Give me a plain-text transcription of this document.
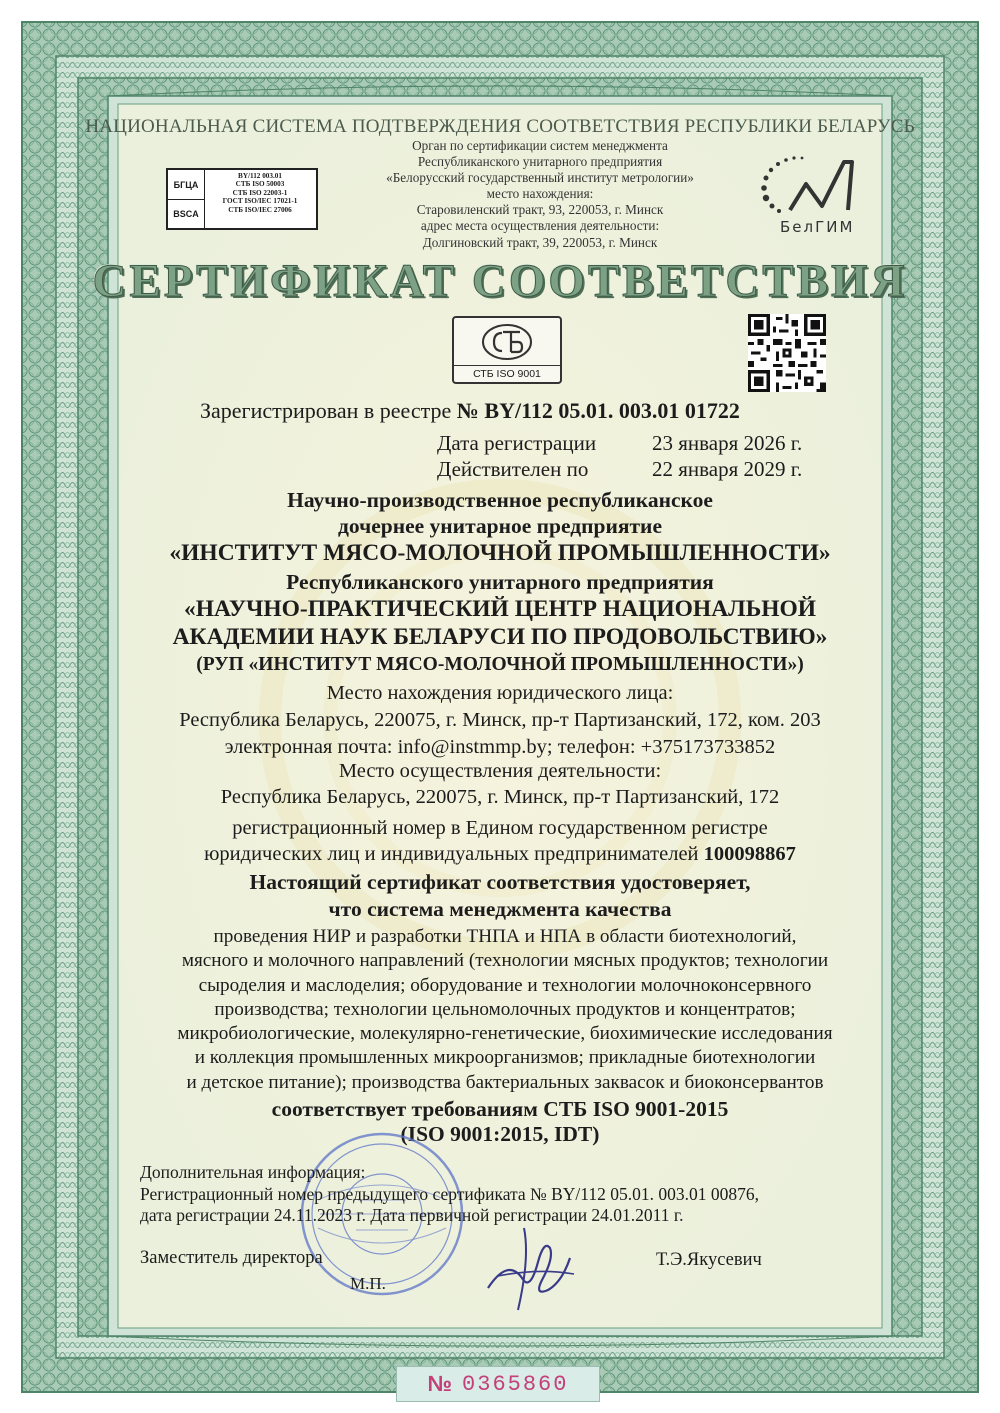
НАЦИОНАЛЬНАЯ СИСТЕМА ПОДТВЕРЖДЕНИЯ СООТВЕТСТВИЯ РЕСПУБЛИКИ БЕЛАРУСЬ
БГЦА
BSCA
BY/112 003.01
СТБ ISO 50003
СТБ ISO 22003-1
ГОСТ ISO/IEC 17021-1
СТБ ISO/IEC 27006
Орган по сертификации систем менеджмента
Республиканского унитарного предприятия
«Белорусский государственный институт метрологии»
место нахождения:
Старовиленский тракт, 93, 220053, г. Минск
адрес места осуществления деятельности:
Долгиновский тракт, 39, 220053, г. Минск
БелГИМ
СЕРТИФИКАТ СООТВЕТСТВИЯ
СТБ ISO 9001
Зарегистрирован в реестре № BY/112 05.01. 003.01 01722
Дата регистрации	23 января 2026 г.
Действителен по	22 января 2029 г.
Научно-производственное республиканское
дочернее унитарное предприятие
«ИНСТИТУТ МЯСО-МОЛОЧНОЙ ПРОМЫШЛЕННОСТИ»
Республиканского унитарного предприятия
«НАУЧНО-ПРАКТИЧЕСКИЙ ЦЕНТР НАЦИОНАЛЬНОЙ
АКАДЕМИИ НАУК БЕЛАРУСИ ПО ПРОДОВОЛЬСТВИЮ»
(РУП «ИНСТИТУТ МЯСО-МОЛОЧНОЙ ПРОМЫШЛЕННОСТИ»)
Место нахождения юридического лица:
Республика Беларусь, 220075, г. Минск, пр-т Партизанский, 172, ком. 203
электронная почта: info@instmmp.by; телефон: +375173733852
Место осуществления деятельности:
Республика Беларусь, 220075, г. Минск, пр-т Партизанский, 172
регистрационный номер в Едином государственном регистре
юридических лиц и индивидуальных предпринимателей 100098867
Настоящий сертификат соответствия удостоверяет,
что система менеджмента качества
проведения НИР и разработки ТНПА и НПА в области биотехнологий,
мясного и молочного направлений (технологии мясных продуктов; технологии
сыроделия и маслоделия; оборудование и технологии молочноконсервного
производства; технологии цельномолочных продуктов и концентратов;
микробиологические, молекулярно-генетические, биохимические исследования
и коллекция промышленных микроорганизмов; прикладные биотехнологии
и детское питание); производства бактериальных заквасок и биоконсервантов
соответствует требованиям СТБ ISO 9001-2015
(ISO 9001:2015, IDT)
Дополнительная информация:
Регистрационный номер предыдущего сертификата № BY/112 05.01. 003.01 00876,
дата регистрации 24.11.2023 г. Дата первичной регистрации 24.01.2011 г.
Заместитель директора
М.П.
Т.Э.Якусевич
№ 0365860
